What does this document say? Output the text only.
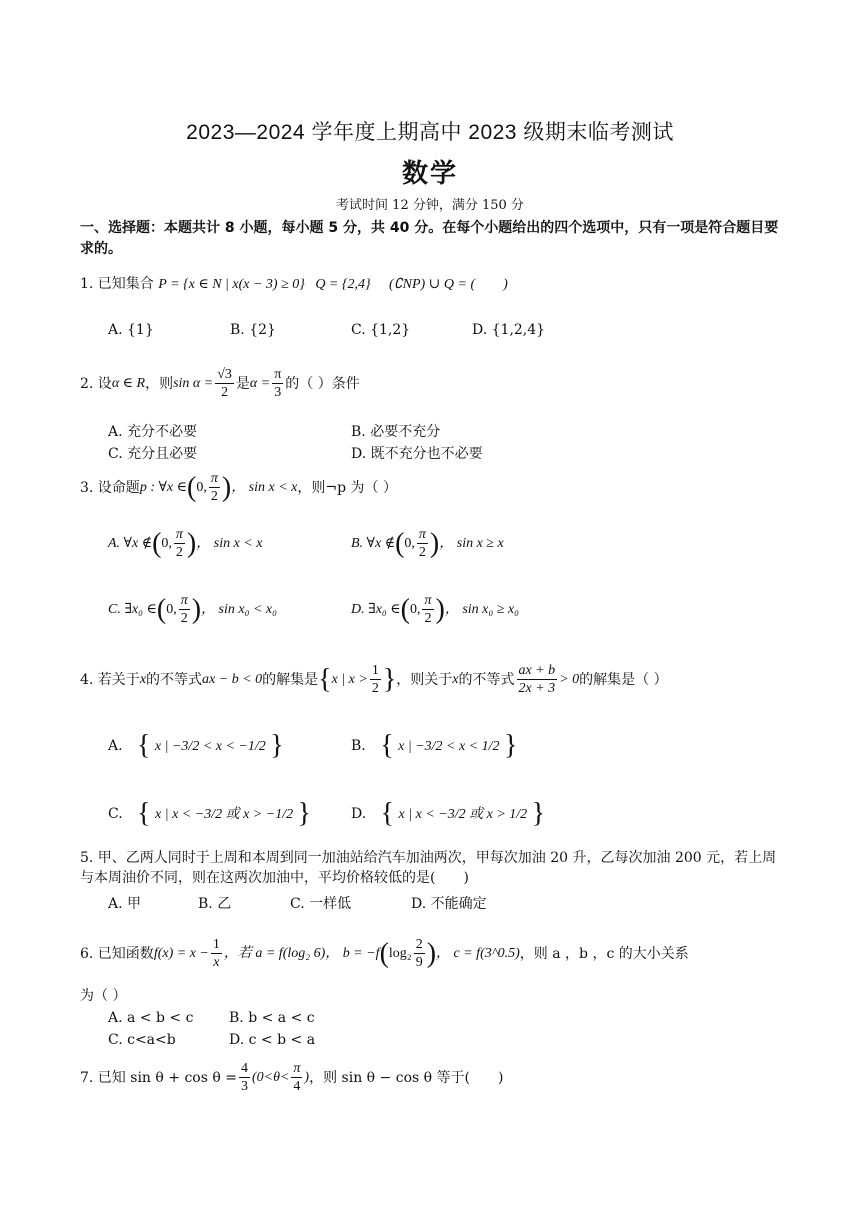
2023—2024 学年度上期高中 2023 级期末临考测试
数学
考试时间 12 分钟，满分 150 分
一、选择题：本题共计 8 小题，每小题 5 分，共 40 分。在每个小题给出的四个选项中，只有一项是符合题目要求的。
1. 已知集合 P = {x ∈ N | x(x − 3) ≥ 0} Q = {2,4} (∁NP) ∪ Q = (　　)
A. {1}	B. {2}	C. {1,2}	D. {1,2,4}
2. 设 α ∈ R ，则 $\sin \alpha = \frac{√3}{2}$ 是 $\alpha = \frac{\pi}{3}$ 的（ ）条件
A. 充分不必要	B. 必要不充分
C. 充分且必要	D. 既不充分也不必要
3. 设命题 p : ∀x ∈ ( 0, $\frac{\pi}{2}$ ) ， sin x < x ，则¬p 为（ ）
A. ∀x ∉ ( 0, $\frac{\pi}{2}$ ) ， sin x < x	B. ∀x ∉ ( 0, $\frac{\pi}{2}$ ) ， sin x ≥ x
C. ∃x₀ ∈ ( 0, $\frac{\pi}{2}$ ) ， sin x₀ < x₀	D. ∃x₀ ∈ ( 0, $\frac{\pi}{2}$ ) ， sin x₀ ≥ x₀
4. 若关于 x 的不等式 ax − b < 0 的解集是 { x | $x > \frac{1}{2}$ } ，则关于 x 的不等式 $\frac{ax + b}{2x + 3} > 0$ 的解集是（ ）
A. { x | −3/2 < x < −1/2 }	B. { x | −3/2 < x < 1/2 }
C. { x | x < −3/2 或 x > −1/2 }	D. { x | x < −3/2 或 x > 1/2 }
5. 甲、乙两人同时于上周和本周到同一加油站给汽车加油两次，甲每次加油 20 升，乙每次加油 200 元，若上周与本周油价不同，则在这两次加油中，平均价格较低的是(　　)
A. 甲	B. 乙	C. 一样低	D. 不能确定
6. 已知函数 $f(x) = x - \frac{1}{x}$ ，若 a = f(log₂ 6) ， b = −f ( $\log_2 \frac{2}{9}$ ) ， c = f(3^0.5) ，则 a ，b ，c 的大小关系
为（ ）
A. a < b < c	B. b < a < c
C. c<a<b	D. c < b < a
7. 已知 $\sin \theta + \cos \theta = \frac{4}{3} (0<\theta< \frac{\pi}{4}$ ) ，则 sin θ − cos θ 等于(　　)
